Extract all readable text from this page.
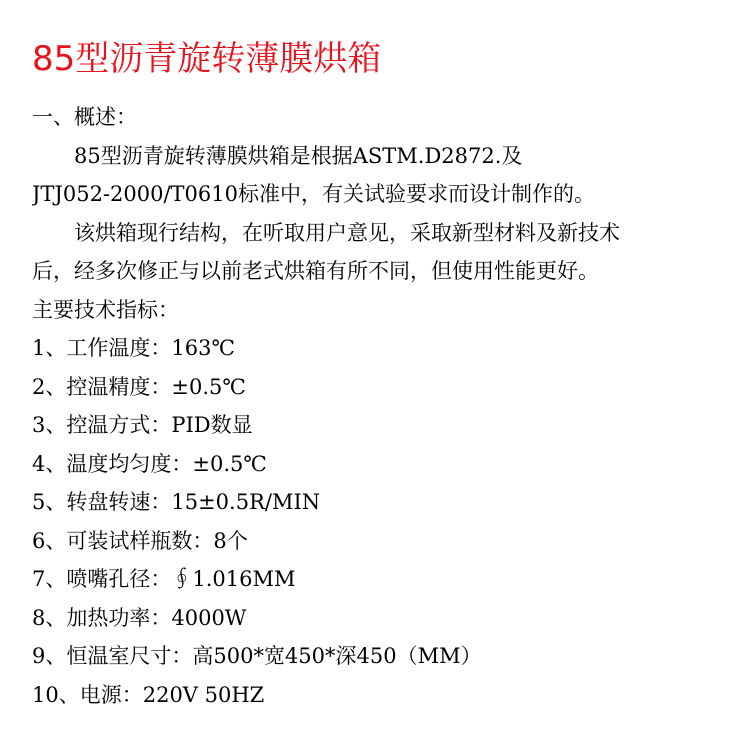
85型沥青旋转薄膜烘箱
一、概述：
85型沥青旋转薄膜烘箱是根据ASTM.D2872.及
JTJ052-2000/T0610标准中，有关试验要求而设计制作的。
该烘箱现行结构，在听取用户意见，采取新型材料及新技术
后，经多次修正与以前老式烘箱有所不同，但使用性能更好。
主要技术指标：
1、工作温度：163℃
2、控温精度：±0.5℃
3、控温方式：PID数显
4、温度均匀度：±0.5℃
5、转盘转速：15±0.5R/MIN
6、可装试样瓶数：8个
7、喷嘴孔径：∮1.016MM
8、加热功率：4000W
9、恒温室尺寸：高500*宽450*深450（MM）
10、电源：220V 50HZ
